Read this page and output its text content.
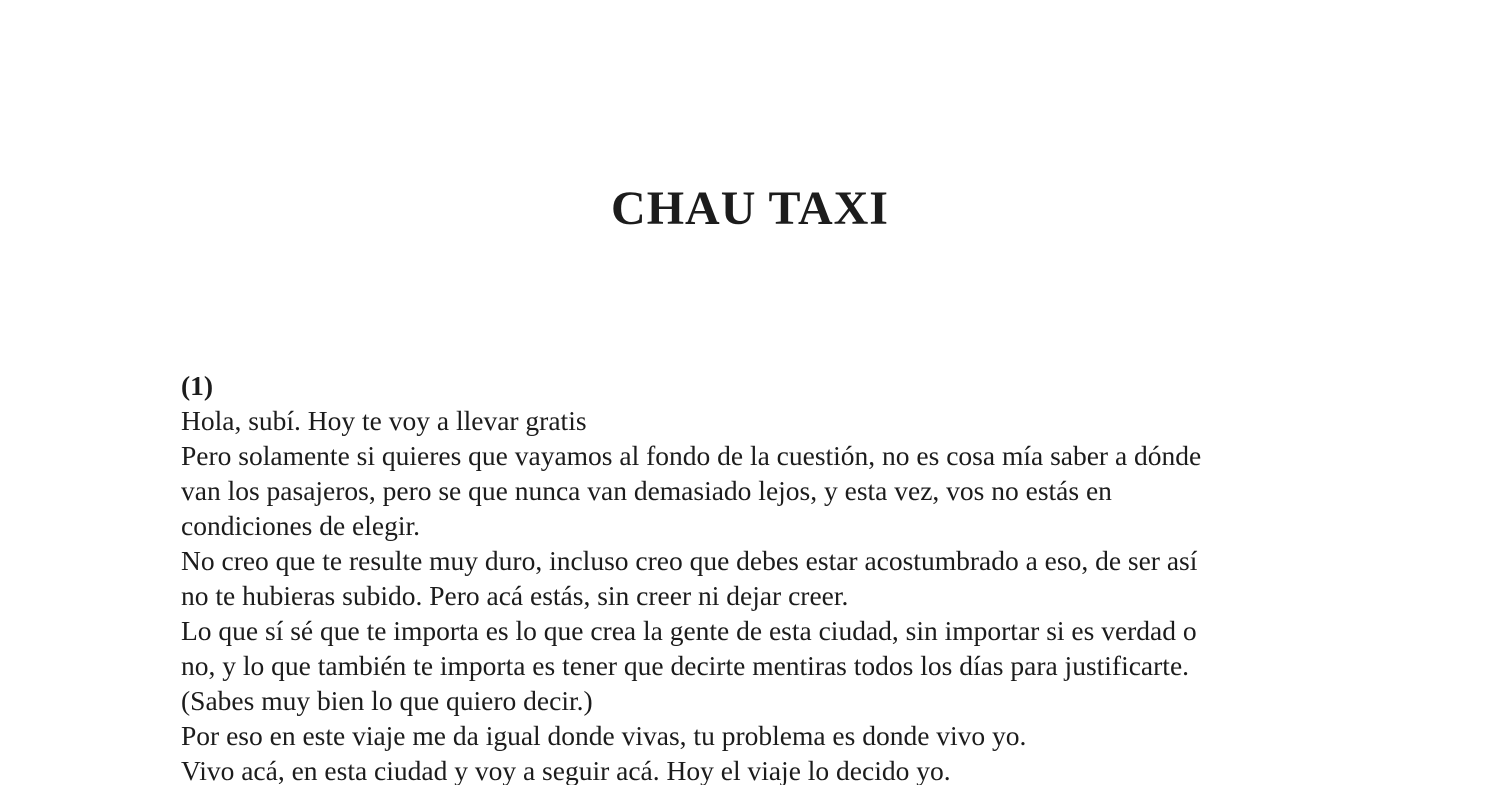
CHAU TAXI
(1)
Hola, subí. Hoy te voy a llevar gratis
Pero solamente si quieres que vayamos al fondo de la cuestión, no es cosa mía saber a dónde
van los pasajeros, pero se que nunca van demasiado lejos, y esta vez, vos no estás en
condiciones de elegir.
No creo que te resulte muy duro, incluso creo que debes estar acostumbrado a eso, de ser así
no te hubieras subido. Pero acá estás, sin creer ni dejar creer.
Lo que sí sé que te importa es lo que crea la gente de esta ciudad, sin importar si es verdad o
no, y lo que también te importa es tener que decirte mentiras todos los días para justificarte.
(Sabes muy bien lo que quiero decir.)
Por eso en este viaje me da igual donde vivas, tu problema es donde vivo yo.
Vivo acá, en esta ciudad y voy a seguir acá. Hoy el viaje lo decido yo.
